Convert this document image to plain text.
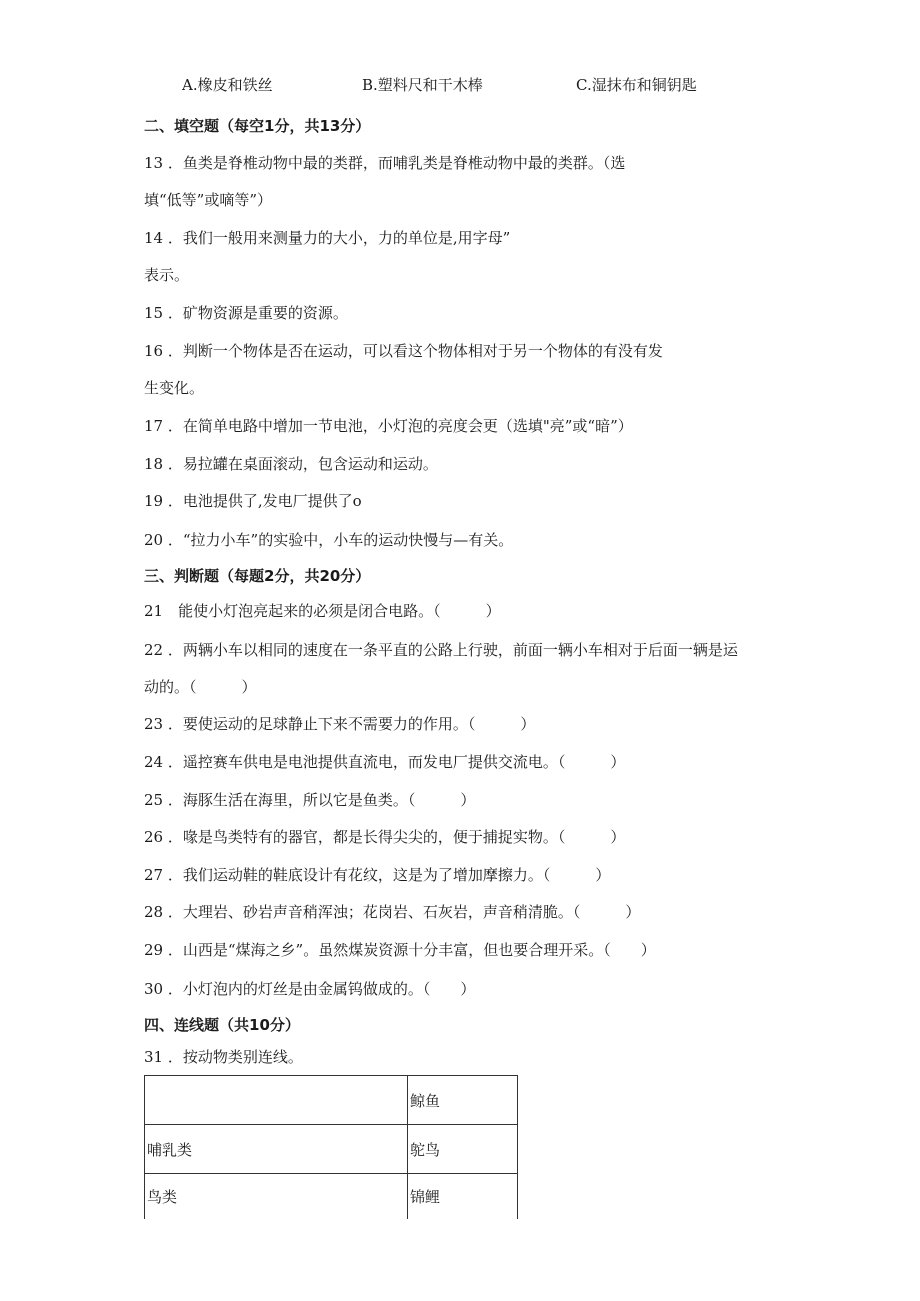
A.橡皮和铁丝	B.塑料尺和干木棒	C.湿抹布和铜钥匙
二、填空题（每空1分，共13分）
13 ．鱼类是脊椎动物中最的类群，而哺乳类是脊椎动物中最的类群。（选
填“低等”或嘀等”）
14 ．我们一般用来测量力的大小，力的单位是,用字母”
表示。
15 ．矿物资源是重要的资源。
16 ．判断一个物体是否在运动，可以看这个物体相对于另一个物体的有没有发
生变化。
17 ．在简单电路中增加一节电池，小灯泡的亮度会更（选填"亮”或“暗”）
18 ．易拉罐在桌面滚动，包含运动和运动。
19 ．电池提供了,发电厂提供了o
20 ．“拉力小车”的实验中，小车的运动快慢与—有关。
三、判断题（每题2分，共20分）
21　能使小灯泡亮起来的必须是闭合电路。（　　　）
22 ．两辆小车以相同的速度在一条平直的公路上行驶，前面一辆小车相对于后面一辆是运
动的。（　　　）
23 ．要使运动的足球静止下来不需要力的作用。（　　　）
24 ．遥控赛车供电是电池提供直流电，而发电厂提供交流电。（　　　）
25 ．海豚生活在海里，所以它是鱼类。（　　　）
26 ．喙是鸟类特有的器官，都是长得尖尖的，便于捕捉实物。（　　　）
27 ．我们运动鞋的鞋底设计有花纹，这是为了增加摩擦力。（　　　）
28 ．大理岩、砂岩声音稍浑浊；花岗岩、石灰岩，声音稍清脆。（　　　）
29 ．山西是“煤海之乡”。虽然煤炭资源十分丰富，但也要合理开采。（　　）
30 ．小灯泡内的灯丝是由金属钨做成的。（　　）
四、连线题（共10分）
31 ．按动物类别连线。
	鲸鱼
哺乳类	鸵鸟
鸟类	锦鲤
